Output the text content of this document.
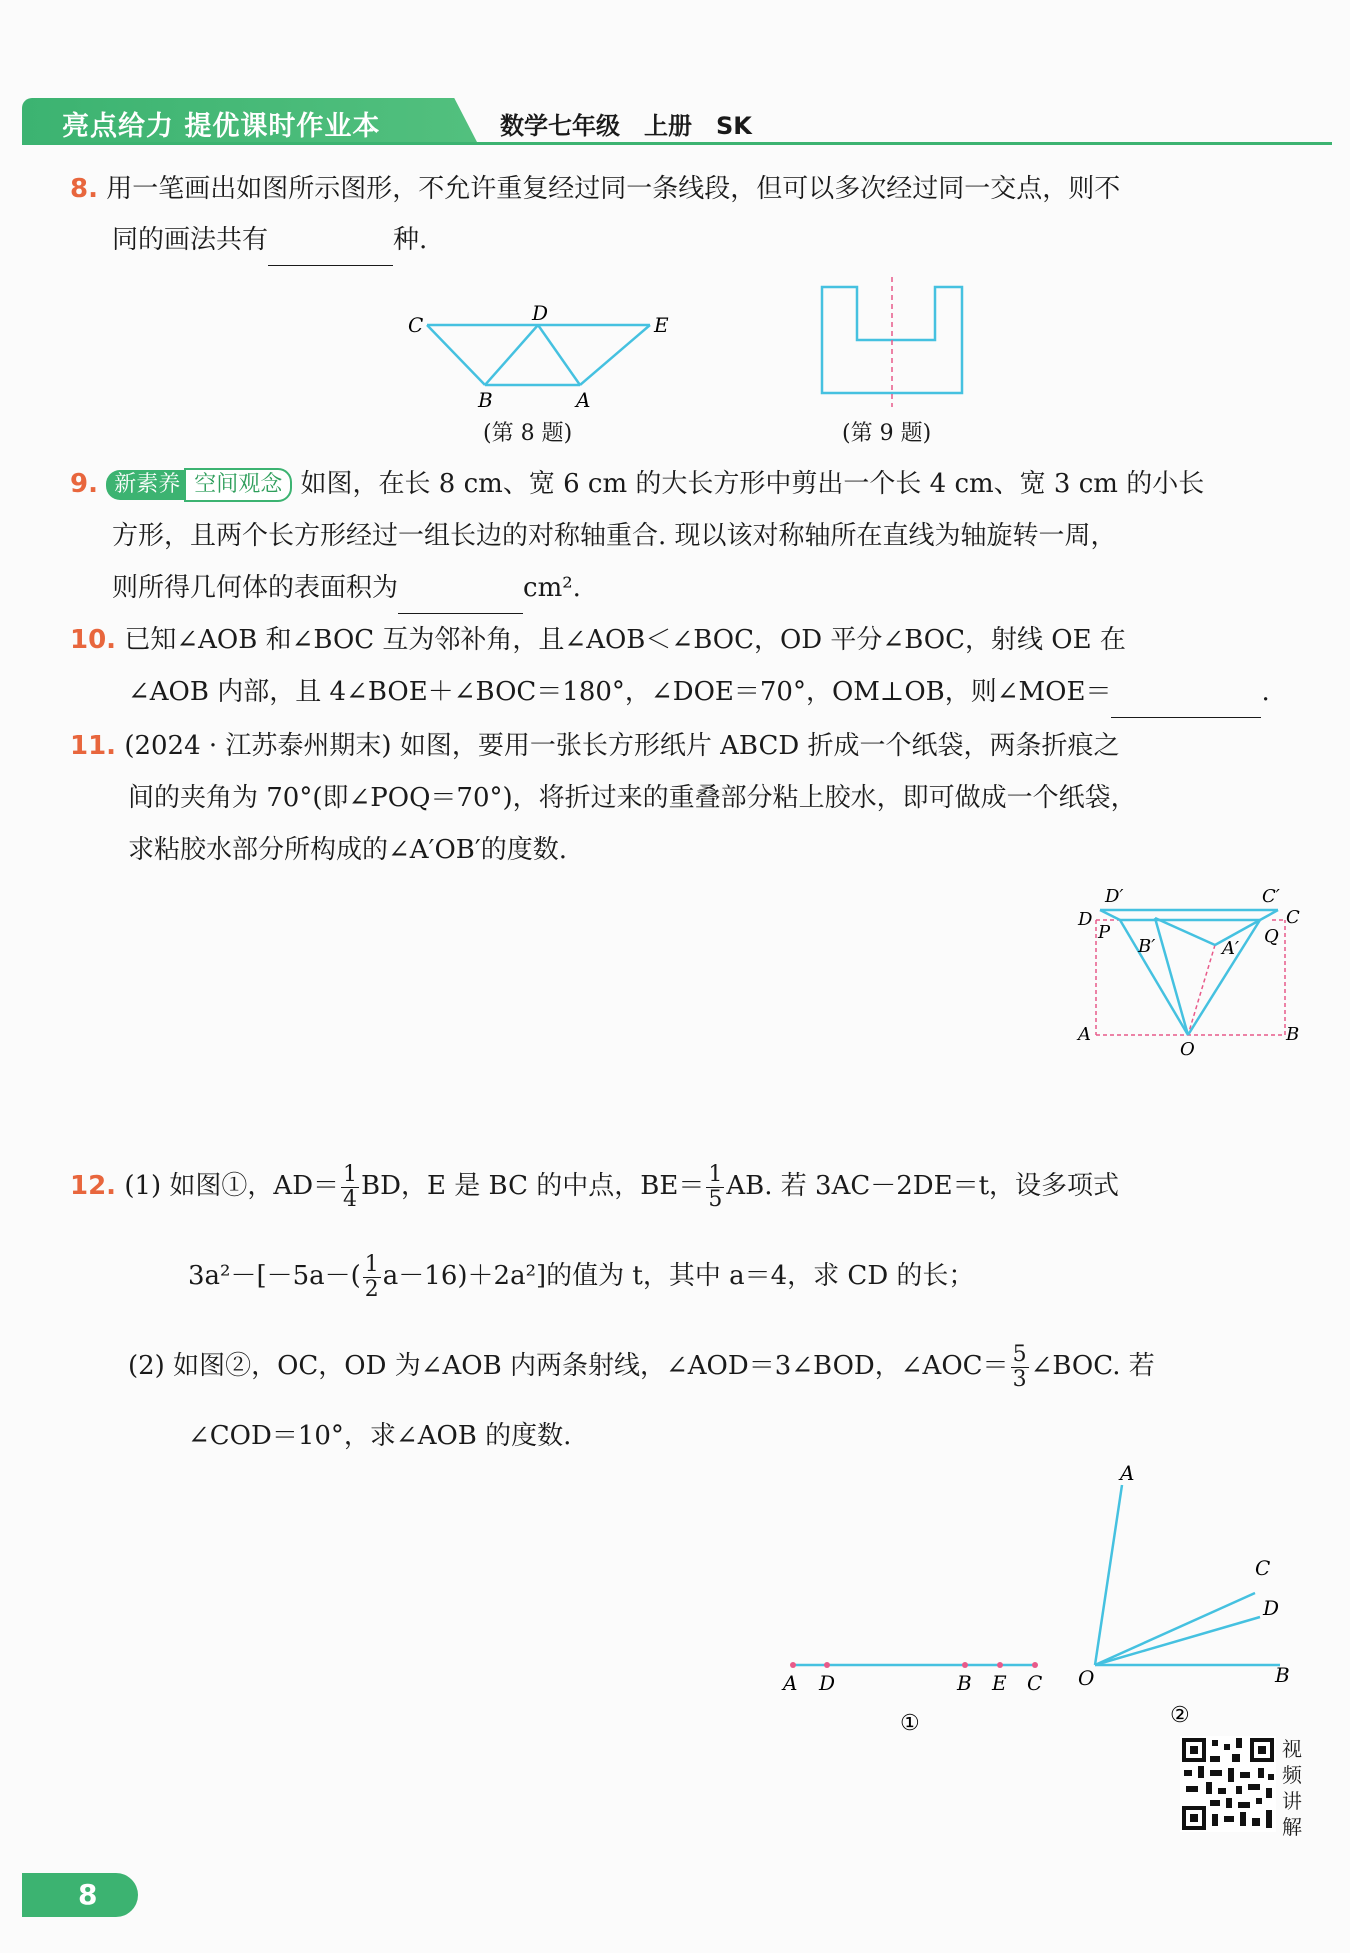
亮点给力 提优课时作业本	数学七年级　上册　SK
8. 用一笔画出如图所示图形，不允许重复经过同一条线段，但可以多次经过同一交点，则不
同的画法共有	种.
C	D	E
B	A
(第 8 题)	(第 9 题)
9. 新素养 空间观念 如图，在长 8 cm、宽 6 cm 的大长方形中剪出一个长 4 cm、宽 3 cm 的小长
方形，且两个长方形经过一组长边的对称轴重合. 现以该对称轴所在直线为轴旋转一周，
则所得几何体的表面积为	cm².
10. 已知∠AOB 和∠BOC 互为邻补角，且∠AOB＜∠BOC，OD 平分∠BOC，射线 OE 在
∠AOB 内部，且 4∠BOE＋∠BOC＝180°，∠DOE＝70°，OM⊥OB，则∠MOE＝	.
11. (2024 · 江苏泰州期末) 如图，要用一张长方形纸片 ABCD 折成一个纸袋，两条折痕之
间的夹角为 70°(即∠POQ＝70°)，将折过来的重叠部分粘上胶水，即可做成一个纸袋，
求粘胶水部分所构成的∠A′OB′的度数.
D′	C′
D	C
P	Q
B′	A′
A
O
B
12. (1) 如图①，$AD= \frac{1}{4}$ BD，E 是 BC 的中点，$BE= \frac{1}{5}$ AB. 若 3AC－2DE＝t，设多项式
$3a^2-[-5a-( \frac{1}{2} a-16)+2a^2]$的值为 t，其中 a＝4，求 CD 的长；
(2) 如图②，OC，OD 为∠AOB 内两条射线，∠AOD＝3∠BOD，∠AOC＝ $\frac{5}{3}$ ∠BOC. 若
∠COD＝10°，求∠AOB 的度数.
A D	B E C
①
A
C
D
O	B
②
视频讲解
8
